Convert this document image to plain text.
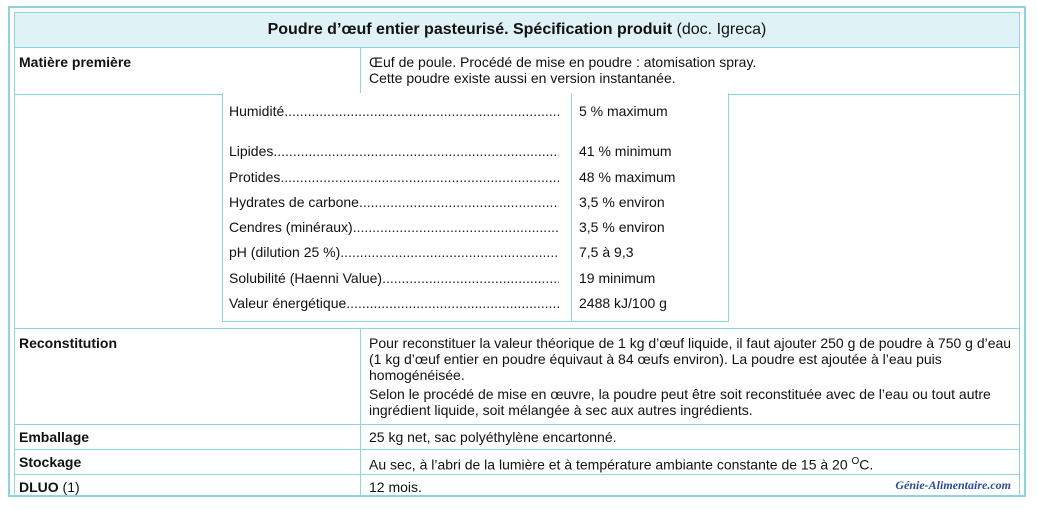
Poudre d’œuf entier pasteurisé. Spécification produit (doc. Igreca)
Matière première	Œuf de poule. Procédé de mise en poudre : atomisation spray.
Cette poudre existe aussi en version instantanée.
Humidité .....	5 % maximum
Lipides .....	41 % minimum
Protides .....	48 % maximum
Hydrates de carbone .....	3,5 % environ
Cendres (minéraux) .....	3,5 % environ
pH (dilution 25 %) .....	7,5 à 9,3
Solubilité (Haenni Value) .....	19 minimum
Valeur énergétique .....	2488 kJ/100 g
Reconstitution	Pour reconstituer la valeur théorique de 1 kg d’œuf liquide, il faut ajouter 250 g de poudre à 750 g d’eau (1 kg d’œuf entier en poudre équivaut à 84 œufs environ). La poudre est ajoutée à l’eau puis homogénéisée.

Selon le procédé de mise en œuvre, la poudre peut être soit reconstituée avec de l’eau ou tout autre ingrédient liquide, soit mélangée à sec aux autres ingrédients.

Emballage	25 kg net, sac polyéthylène encartonné.
Stockage	Au sec, à l’abri de la lumière et à température ambiante constante de 15 à 20 $^O$C.
DLUO (1)	12 mois.	Génie-Alimentaire.com
